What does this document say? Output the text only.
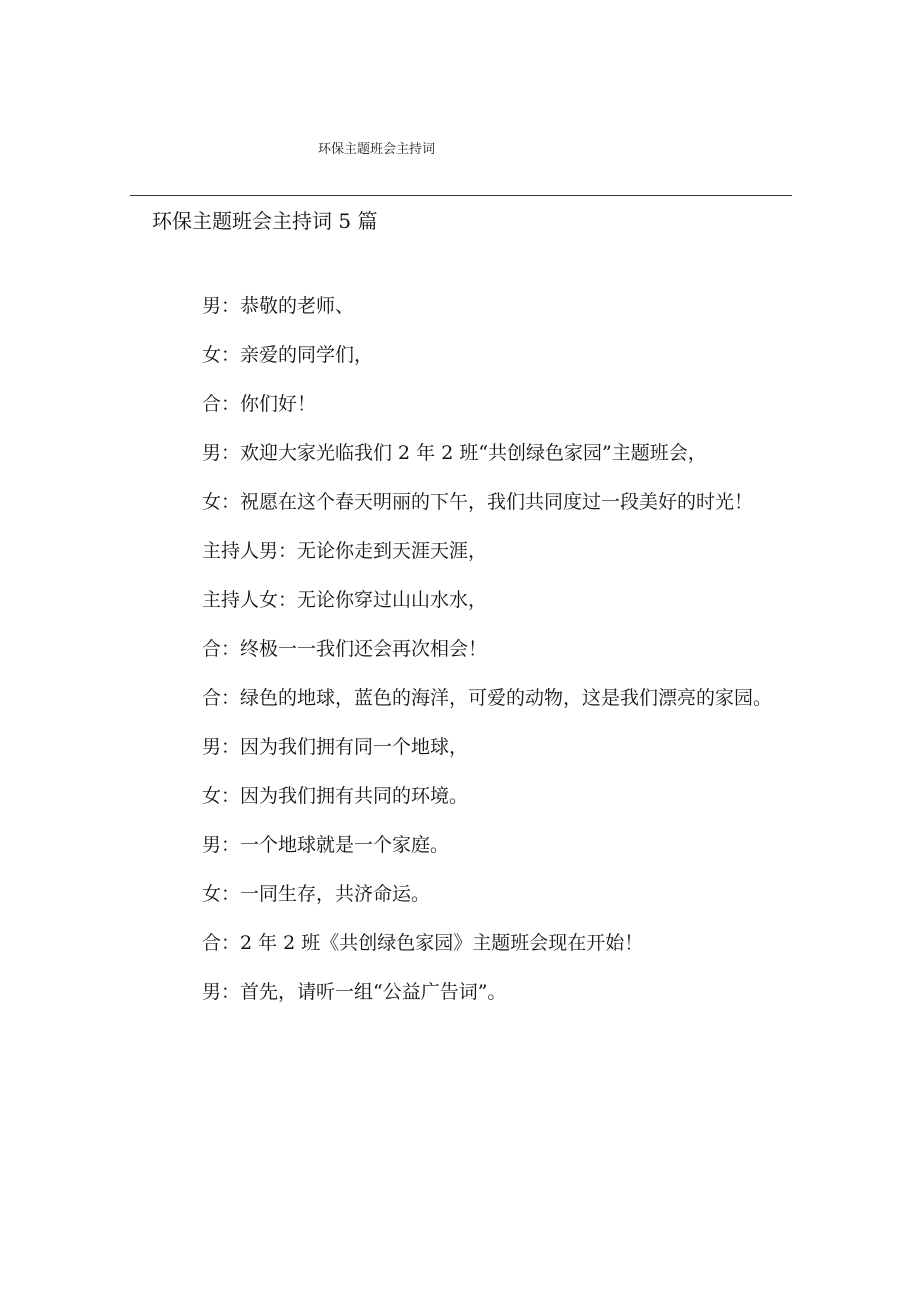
环保主题班会主持词
环保主题班会主持词 5 篇

男：恭敬的老师、

女：亲爱的同学们，

合：你们好！

男：欢迎大家光临我们 2 年 2 班“共创绿色家园”主题班会，

女：祝愿在这个春天明丽的下午，我们共同度过一段美好的时光！

主持人男：无论你走到天涯天涯，

主持人女：无论你穿过山山水水，

合：终极一一我们还会再次相会！

合：绿色的地球，蓝色的海洋，可爱的动物，这是我们漂亮的家园。

男：因为我们拥有同一个地球，

女：因为我们拥有共同的环境。

男：一个地球就是一个家庭。

女：一同生存，共济命运。

合：2 年 2 班《共创绿色家园》主题班会现在开始！

男：首先，请听一组“公益广告词”。
